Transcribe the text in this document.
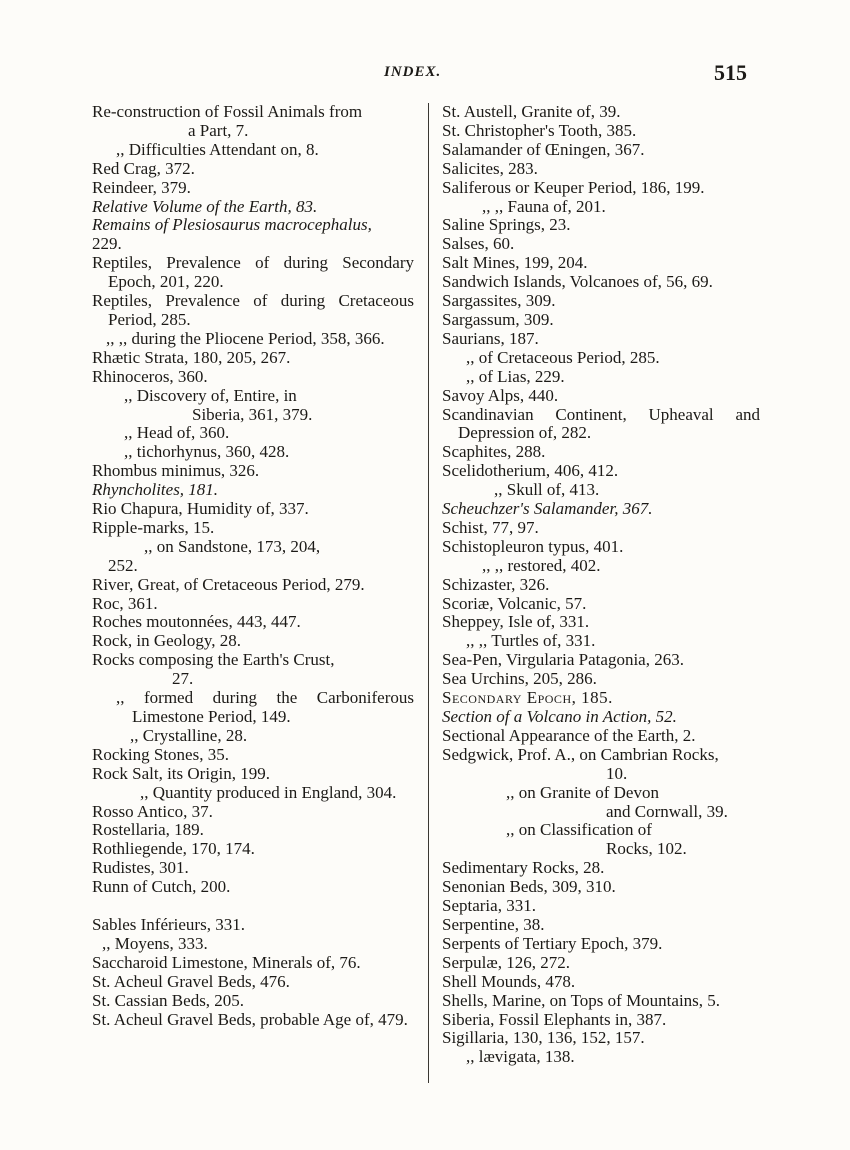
INDEX.	515

Re-construction of Fossil Animals from

a Part, 7.

,, Difficulties Attendant on, 8.

Red Crag, 372.

Reindeer, 379.

Relative Volume of the Earth, 83.

Remains of Plesiosaurus macrocephalus,

229.

Reptiles, Prevalence of during Secondary Epoch, 201, 220.

Reptiles, Prevalence of during Cretaceous Period, 285.

,, ,, during the Pliocene Period, 358, 366.

Rhætic Strata, 180, 205, 267.

Rhinoceros, 360.

,, Discovery of, Entire, in

Siberia, 361, 379.

,, Head of, 360.

,, tichorhynus, 360, 428.

Rhombus minimus, 326.

Rhyncholites, 181.

Rio Chapura, Humidity of, 337.

Ripple-marks, 15.

,, on Sandstone, 173, 204,

252.

River, Great, of Cretaceous Period, 279.

Roc, 361.

Roches moutonnées, 443, 447.

Rock, in Geology, 28.

Rocks composing the Earth's Crust,

27.

,, formed during the Carboniferous Limestone Period, 149.

,, Crystalline, 28.

Rocking Stones, 35.

Rock Salt, its Origin, 199.

,, Quantity produced in England, 304.

Rosso Antico, 37.

Rostellaria, 189.

Rothliegende, 170, 174.

Rudistes, 301.

Runn of Cutch, 200.

Sables Inférieurs, 331.

,, Moyens, 333.

Saccharoid Limestone, Minerals of, 76.

St. Acheul Gravel Beds, 476.

St. Cassian Beds, 205.

St. Acheul Gravel Beds, probable Age of, 479.

St. Austell, Granite of, 39.

St. Christopher's Tooth, 385.

Salamander of Œningen, 367.

Salicites, 283.

Saliferous or Keuper Period, 186, 199.

,, ,, Fauna of, 201.

Saline Springs, 23.

Salses, 60.

Salt Mines, 199, 204.

Sandwich Islands, Volcanoes of, 56, 69.

Sargassites, 309.

Sargassum, 309.

Saurians, 187.

,, of Cretaceous Period, 285.

,, of Lias, 229.

Savoy Alps, 440.

Scandinavian Continent, Upheaval and Depression of, 282.

Scaphites, 288.

Scelidotherium, 406, 412.

,, Skull of, 413.

Scheuchzer's Salamander, 367.

Schist, 77, 97.

Schistopleuron typus, 401.

,, ,, restored, 402.

Schizaster, 326.

Scoriæ, Volcanic, 57.

Sheppey, Isle of, 331.

,, ,, Turtles of, 331.

Sea-Pen, Virgularia Patagonia, 263.

Sea Urchins, 205, 286.

Secondary Epoch, 185.

Section of a Volcano in Action, 52.

Sectional Appearance of the Earth, 2.

Sedgwick, Prof. A., on Cambrian Rocks,

10.

,, on Granite of Devon

and Cornwall, 39.

,, on Classification of

Rocks, 102.

Sedimentary Rocks, 28.

Senonian Beds, 309, 310.

Septaria, 331.

Serpentine, 38.

Serpents of Tertiary Epoch, 379.

Serpulæ, 126, 272.

Shell Mounds, 478.

Shells, Marine, on Tops of Mountains, 5.

Siberia, Fossil Elephants in, 387.

Sigillaria, 130, 136, 152, 157.

,, lævigata, 138.
